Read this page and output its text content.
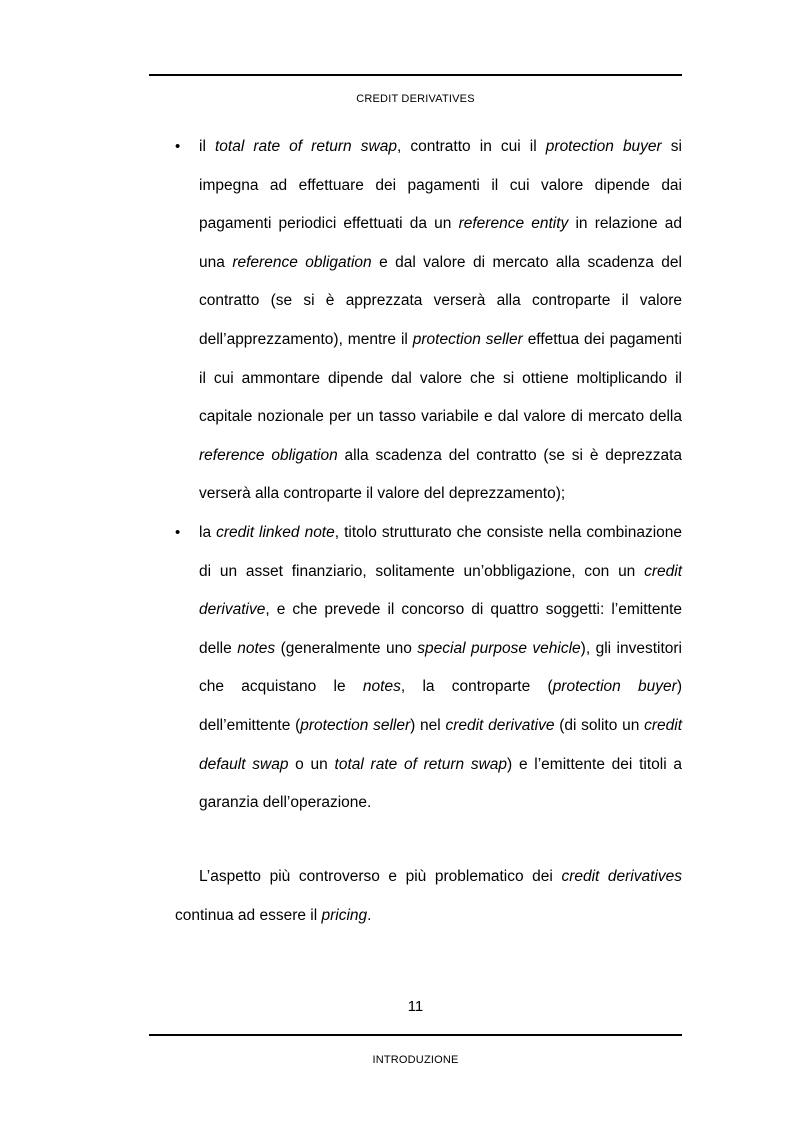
CREDIT DERIVATIVES
• il total rate of return swap, contratto in cui il protection buyer si impegna ad effettuare dei pagamenti il cui valore dipende dai pagamenti periodici effettuati da un reference entity in relazione ad una reference obligation e dal valore di mercato alla scadenza del contratto (se si è apprezzata verserà alla controparte il valore dell’apprezzamento), mentre il protection seller effettua dei pagamenti il cui ammontare dipende dal valore che si ottiene moltiplicando il capitale nozionale per un tasso variabile e dal valore di mercato della reference obligation alla scadenza del contratto (se si è deprezzata verserà alla controparte il valore del deprezzamento);
• la credit linked note, titolo strutturato che consiste nella combinazione di un asset finanziario, solitamente un’obbligazione, con un credit derivative, e che prevede il concorso di quattro soggetti: l’emittente delle notes (generalmente uno special purpose vehicle), gli investitori che acquistano le notes, la controparte (protection buyer) dell’emittente (protection seller) nel credit derivative (di solito un credit default swap o un total rate of return swap) e l’emittente dei titoli a garanzia dell’operazione.

L’aspetto più controverso e più problematico dei credit derivatives continua ad essere il pricing.

11
INTRODUZIONE
